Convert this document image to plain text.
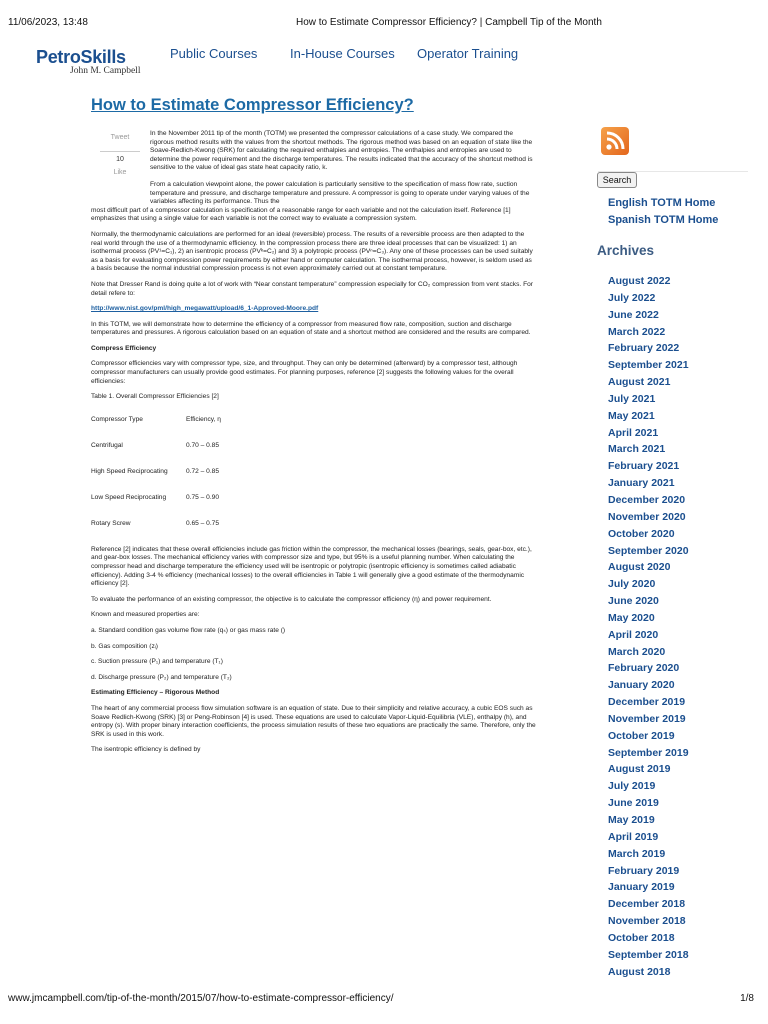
11/06/2023, 13:48	How to Estimate Compressor Efficiency? | Campbell Tip of the Month
PetroSkills
John M. Campbell
Public Courses	In-House Courses Operator Training
How to Estimate Compressor Efficiency?
Tweet
10
Like

In the November 2011 tip of the month (TOTM) we presented the compressor calculations of a case study. We compared the rigorous method results with the values from the shortcut methods. The rigorous method was based on an equation of state like the Soave-Redlich-Kwong (SRK) for calculating the required enthalpies and entropies. The enthalpies and entropies are used to determine the power requirement and the discharge temperatures. The results indicated that the accuracy of the shortcut method is sensitive to the value of ideal gas state heat capacity ratio, k.

From a calculation viewpoint alone, the power calculation is particularly sensitive to the specification of mass flow rate, suction temperature and pressure, and discharge temperature and pressure. A compressor is going to operate under varying values of the variables affecting its performance. Thus the

most difficult part of a compressor calculation is specification of a reasonable range for each variable and not the calculation itself. Reference [1] emphasizes that using a single value for each variable is not the correct way to evaluate a compression system.

Normally, the thermodynamic calculations are performed for an ideal (reversible) process. The results of a reversible process are then adapted to the real world through the use of a thermodynamic efficiency. In the compression process there are three ideal processes that can be visualized: 1) an isothermal process (PV¹=C₁), 2) an isentropic process (PVᵏ=C₂) and 3) a polytropic process (PVⁿ=C₃). Any one of these processes can be used suitably as a basis for evaluating compression power requirements by either hand or computer calculation. The isothermal process, however, is seldom used as a basis because the normal industrial compression process is not even approximately carried out at constant temperature.

Note that Dresser Rand is doing quite a lot of work with “Near constant temperature” compression especially for CO₂ compression from vent stacks. For detail refere to:

http://www.nist.gov/pml/high_megawatt/upload/6_1-Approved-Moore.pdf

In this TOTM, we will demonstrate how to determine the efficiency of a compressor from measured flow rate, composition, suction and discharge temperatures and pressures. A rigorous calculation based on an equation of state and a shortcut method are considered and the results are compared.

Compress Efficiency

Compressor efficiencies vary with compressor type, size, and throughput. They can only be determined (afterward) by a compressor test, although compressor manufacturers can usually provide good estimates. For planning purposes, reference [2] suggests the following values for the overall efficiencies:

Table 1. Overall Compressor Efficiencies [2]

Compressor Type	Efficiency, η
Centrifugal	0.70 – 0.85
High Speed Reciprocating	0.72 – 0.85
Low Speed Reciprocating	0.75 – 0.90
Rotary Screw	0.65 – 0.75

Reference [2] indicates that these overall efficiencies include gas friction within the compressor, the mechanical losses (bearings, seals, gear-box, etc.), and gear-box losses. The mechanical efficiency varies with compressor size and type, but 95% is a useful planning number. When calculating the compressor head and discharge temperature the efficiency used will be isentropic or polytropic (isentropic efficiency is sometimes called adiabatic efficiency). Adding 3-4 % efficiency (mechanical losses) to the overall efficiencies in Table 1 will generally give a good estimate of the thermodynamic efficiency [2].

To evaluate the performance of an existing compressor, the objective is to calculate the compressor efficiency (η) and power requirement.

Known and measured properties are:

a. Standard condition gas volume flow rate (qₛ) or gas mass rate ()

b. Gas composition (zᵢ)

c. Suction pressure (P₁) and temperature (T₁)

d. Discharge pressure (P₂) and temperature (T₂)

Estimating Efficiency – Rigorous Method

The heart of any commercial process flow simulation software is an equation of state. Due to their simplicity and relative accuracy, a cubic EOS such as Soave Redlich-Kwong (SRK) [3] or Peng-Robinson [4] is used. These equations are used to calculate Vapor-Liquid-Equilibria (VLE), enthalpy (h), and entropy (s). With proper binary interaction coefficients, the process simulation results of these two equations are practically the same. Therefore, only the SRK is used in this work.

The isentropic efficiency is defined by

Search
English TOTM Home
Spanish TOTM Home
Archives
August 2022
July 2022
June 2022
March 2022
February 2022
September 2021
August 2021
July 2021
May 2021
April 2021
March 2021
February 2021
January 2021
December 2020
November 2020
October 2020
September 2020
August 2020
July 2020
June 2020
May 2020
April 2020
March 2020
February 2020
January 2020
December 2019
November 2019
October 2019
September 2019
August 2019
July 2019
June 2019
May 2019
April 2019
March 2019
February 2019
January 2019
December 2018
November 2018
October 2018
September 2018
August 2018
www.jmcampbell.com/tip-of-the-month/2015/07/how-to-estimate-compressor-efficiency/	1/8
